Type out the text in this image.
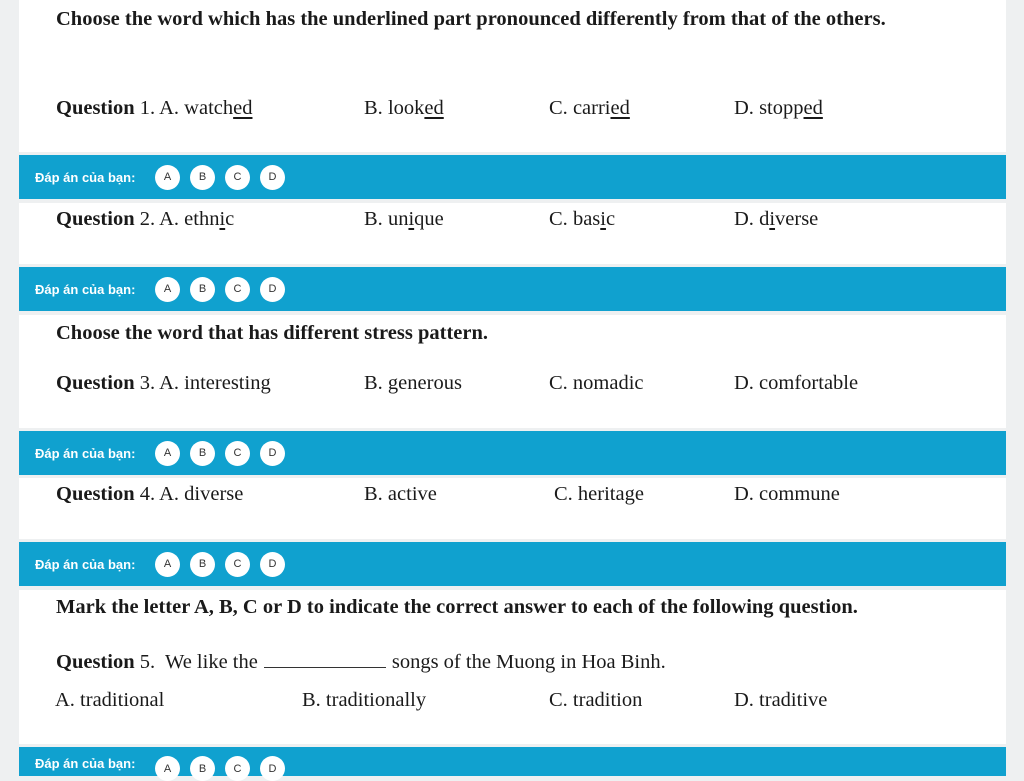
Choose the word which has the underlined part pronounced differently from that of the others.
Question 1. A. watched	B. looked	C. carried	D. stopped
Đáp án của bạn:	A	B	C	D
Question 2. A. ethnic	B. unique	C. basic	D. diverse
Đáp án của bạn:	A	B	C	D
Choose the word that has different stress pattern.
Question 3. A. interesting	B. generous	C. nomadic	D. comfortable
Đáp án của bạn:	A	B	C	D
Question 4. A. diverse	B. active	C. heritage	D. commune
Đáp án của bạn:	A	B	C	D
Mark the letter A, B, C or D to indicate the correct answer to each of the following question.
Question 5. We like the	songs of the Muong in Hoa Binh.
A. traditional	B. traditionally	C. tradition	D. traditive
Đáp án của bạn:	A	B	C	D
